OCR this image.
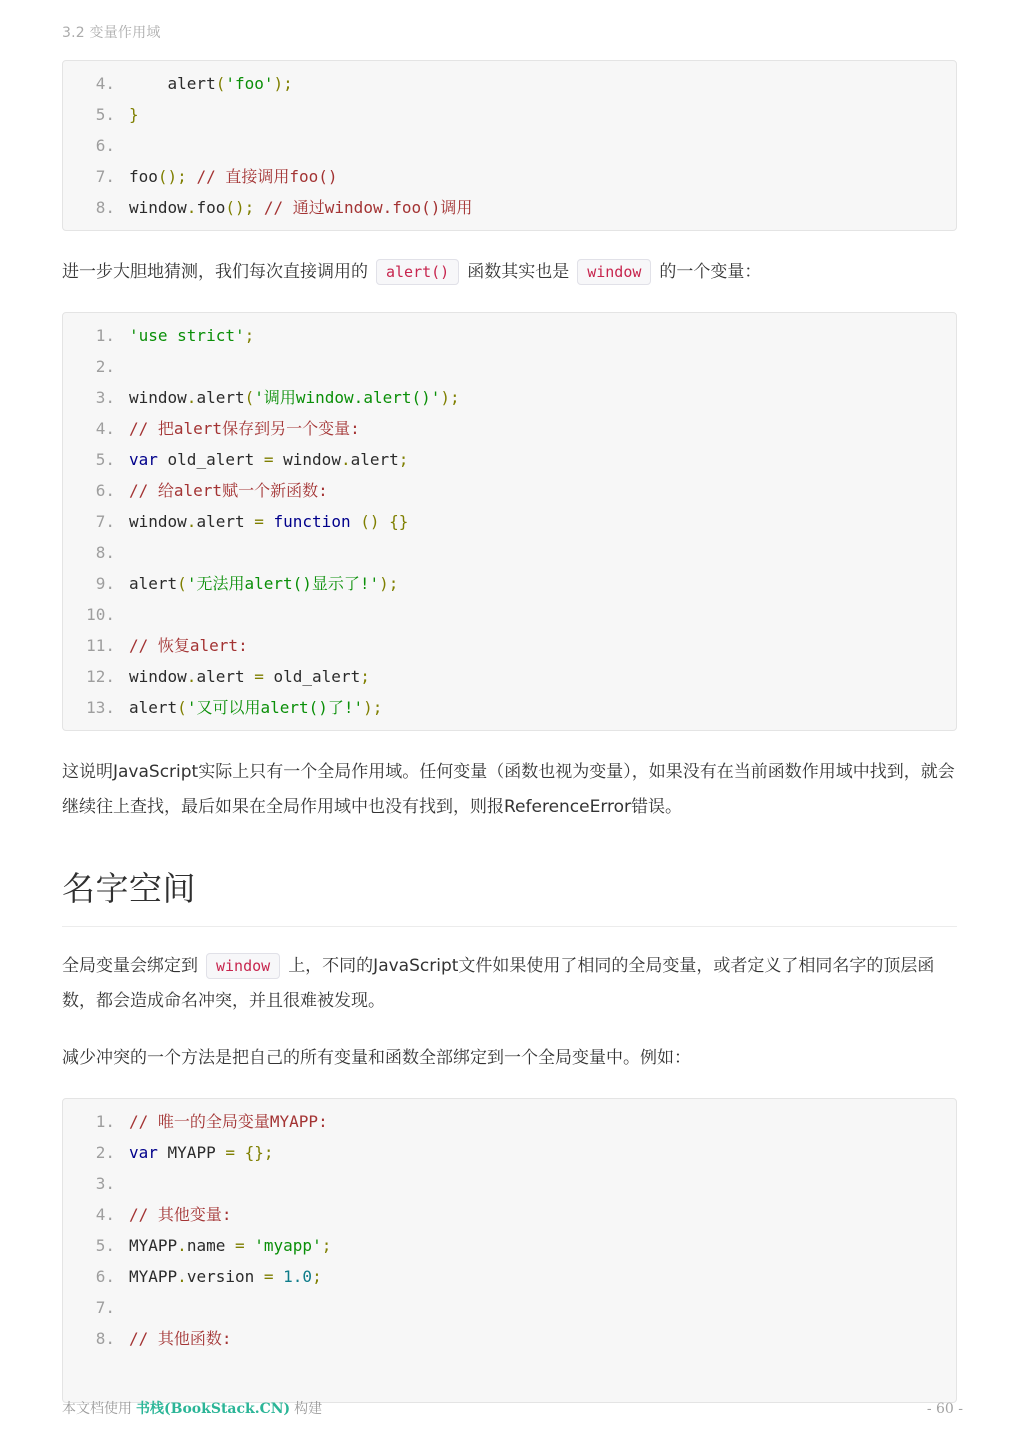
3.2 变量作用域
4.    alert('foo');
5. }
6.
7. foo(); // 直接调用foo()
8. window.foo(); // 通过window.foo()调用

进一步大胆地猜测，我们每次直接调用的 alert() 函数其实也是 window 的一个变量：

1. 'use strict';
2.
3. window.alert('调用window.alert()');
4. // 把alert保存到另一个变量:
5. var old_alert = window.alert;
6. // 给alert赋一个新函数:
7. window.alert = function () {}
8.
9. alert('无法用alert()显示了!');
10.
11. // 恢复alert:
12. window.alert = old_alert;
13. alert('又可以用alert()了!');

这说明JavaScript实际上只有一个全局作用域。任何变量（函数也视为变量），如果没有在当前函数作用域中找到，就会继续往上查找，最后如果在全局作用域中也没有找到，则报ReferenceError错误。

名字空间

全局变量会绑定到 window 上，不同的JavaScript文件如果使用了相同的全局变量，或者定义了相同名字的顶层函数，都会造成命名冲突，并且很难被发现。

减少冲突的一个方法是把自己的所有变量和函数全部绑定到一个全局变量中。例如：

1. // 唯一的全局变量MYAPP:
2. var MYAPP = {};
3.
4. // 其他变量:
5. MYAPP.name = 'myapp';
6. MYAPP.version = 1.0;
7.
8. // 其他函数:
本文档使用 书栈(BookStack.CN) 构建	- 60 -
